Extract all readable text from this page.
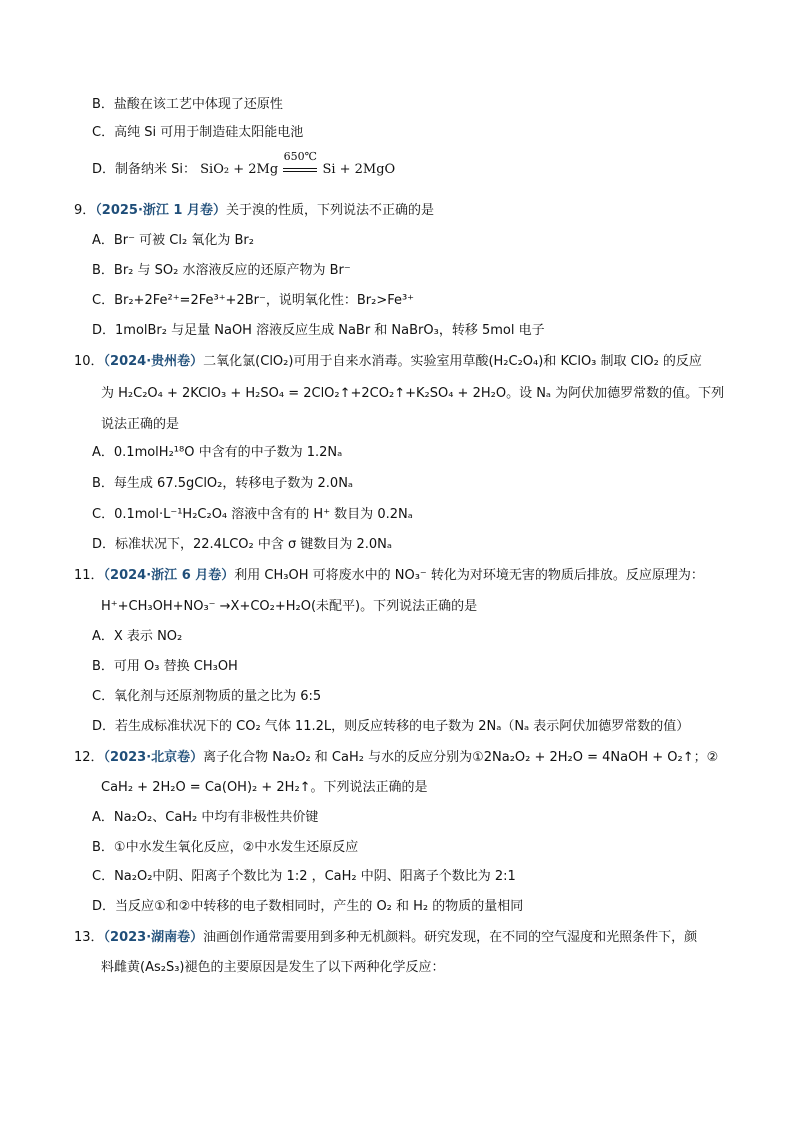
B．盐酸在该工艺中体现了还原性
C．高纯 Si 可用于制造硅太阳能电池
D．制备纳米 Si： SiO₂ + 2Mg
650℃
Si + 2MgO
9．（2025·浙江 1 月卷）关于溴的性质，下列说法不正确的是
A．Br⁻ 可被 Cl₂ 氧化为 Br₂
B．Br₂ 与 SO₂ 水溶液反应的还原产物为 Br⁻
C．Br₂+2Fe²⁺=2Fe³⁺+2Br⁻，说明氧化性：Br₂>Fe³⁺
D．1molBr₂ 与足量 NaOH 溶液反应生成 NaBr 和 NaBrO₃，转移 5mol 电子
10．（2024·贵州卷）二氧化氯(ClO₂)可用于自来水消毒。实验室用草酸(H₂C₂O₄)和 KClO₃ 制取 ClO₂ 的反应
为 H₂C₂O₄ + 2KClO₃ + H₂SO₄ = 2ClO₂↑+2CO₂↑+K₂SO₄ + 2H₂O。设 Nₐ 为阿伏加德罗常数的值。下列
说法正确的是
A．0.1molH₂¹⁸O 中含有的中子数为 1.2Nₐ
B．每生成 67.5gClO₂，转移电子数为 2.0Nₐ
C．0.1mol·L⁻¹H₂C₂O₄ 溶液中含有的 H⁺ 数目为 0.2Nₐ
D．标准状况下，22.4LCO₂ 中含 σ 键数目为 2.0Nₐ
11．（2024·浙江 6 月卷）利用 CH₃OH 可将废水中的 NO₃⁻ 转化为对环境无害的物质后排放。反应原理为：
H⁺+CH₃OH+NO₃⁻ →X+CO₂+H₂O(未配平)。下列说法正确的是
A．X 表示 NO₂
B．可用 O₃ 替换 CH₃OH
C．氧化剂与还原剂物质的量之比为 6:5
D．若生成标准状况下的 CO₂ 气体 11.2L，则反应转移的电子数为 2Nₐ（Nₐ 表示阿伏加德罗常数的值）
12．（2023·北京卷）离子化合物 Na₂O₂ 和 CaH₂ 与水的反应分别为①2Na₂O₂ + 2H₂O = 4NaOH + O₂↑；②
CaH₂ + 2H₂O = Ca(OH)₂ + 2H₂↑。下列说法正确的是
A．Na₂O₂、CaH₂ 中均有非极性共价键
B．①中水发生氧化反应，②中水发生还原反应
C．Na₂O₂中阴、阳离子个数比为 1:2 ，CaH₂ 中阴、阳离子个数比为 2:1
D．当反应①和②中转移的电子数相同时，产生的 O₂ 和 H₂ 的物质的量相同
13．（2023·湖南卷）油画创作通常需要用到多种无机颜料。研究发现，在不同的空气湿度和光照条件下，颜
料雌黄(As₂S₃)褪色的主要原因是发生了以下两种化学反应：
